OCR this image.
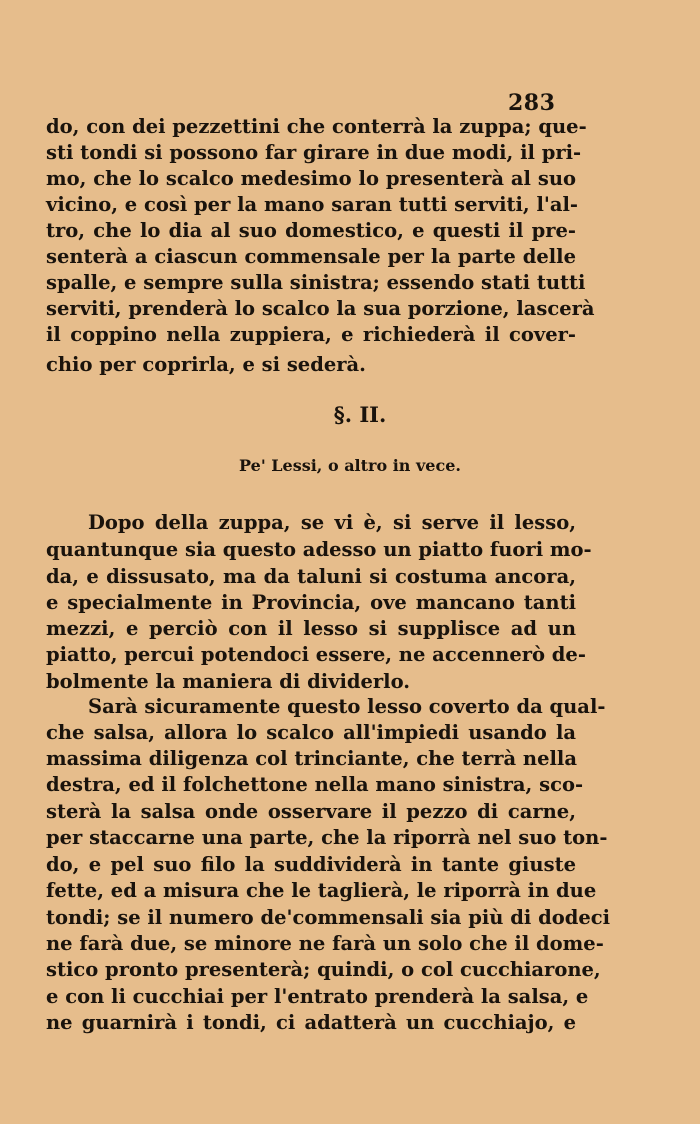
283
do, con dei pezzettini che conterrà la zuppa; que-
sti tondi si possono far girare in due modi, il pri-
mo, che lo scalco medesimo lo presenterà al suo
vicino, e così per la mano saran tutti serviti, l'al-
tro, che lo dia al suo domestico, e questi il pre-
senterà a ciascun commensale per la parte delle
spalle, e sempre sulla sinistra; essendo stati tutti
serviti, prenderà lo scalco la sua porzione, lascerà
il coppino nella zuppiera, e richiederà il cover-
chio per coprirla, e si sederà.
§. II.
Pe' Lessi, o altro in vece.
Dopo della zuppa, se vi è, si serve il lesso,
quantunque sia questo adesso un piatto fuori mo-
da, e dissusato, ma da taluni si costuma ancora,
e specialmente in Provincia, ove mancano tanti
mezzi, e perciò con il lesso si supplisce ad un
piatto, percui potendoci essere, ne accennerò de-
bolmente la maniera di dividerlo.
Sarà sicuramente questo lesso coverto da qual-
che salsa, allora lo scalco all'impiedi usando la
massima diligenza col trinciante, che terrà nella
destra, ed il folchettone nella mano sinistra, sco-
sterà la salsa onde osservare il pezzo di carne,
per staccarne una parte, che la riporrà nel suo ton-
do, e pel suo filo la suddividerà in tante giuste
fette, ed a misura che le taglierà, le riporrà in due
tondi; se il numero de'commensali sia più di dodeci
ne farà due, se minore ne farà un solo che il dome-
stico pronto presenterà; quindi, o col cucchiarone,
e con li cucchiai per l'entrato prenderà la salsa, e
ne guarnirà i tondi, ci adatterà un cucchiajo, e
